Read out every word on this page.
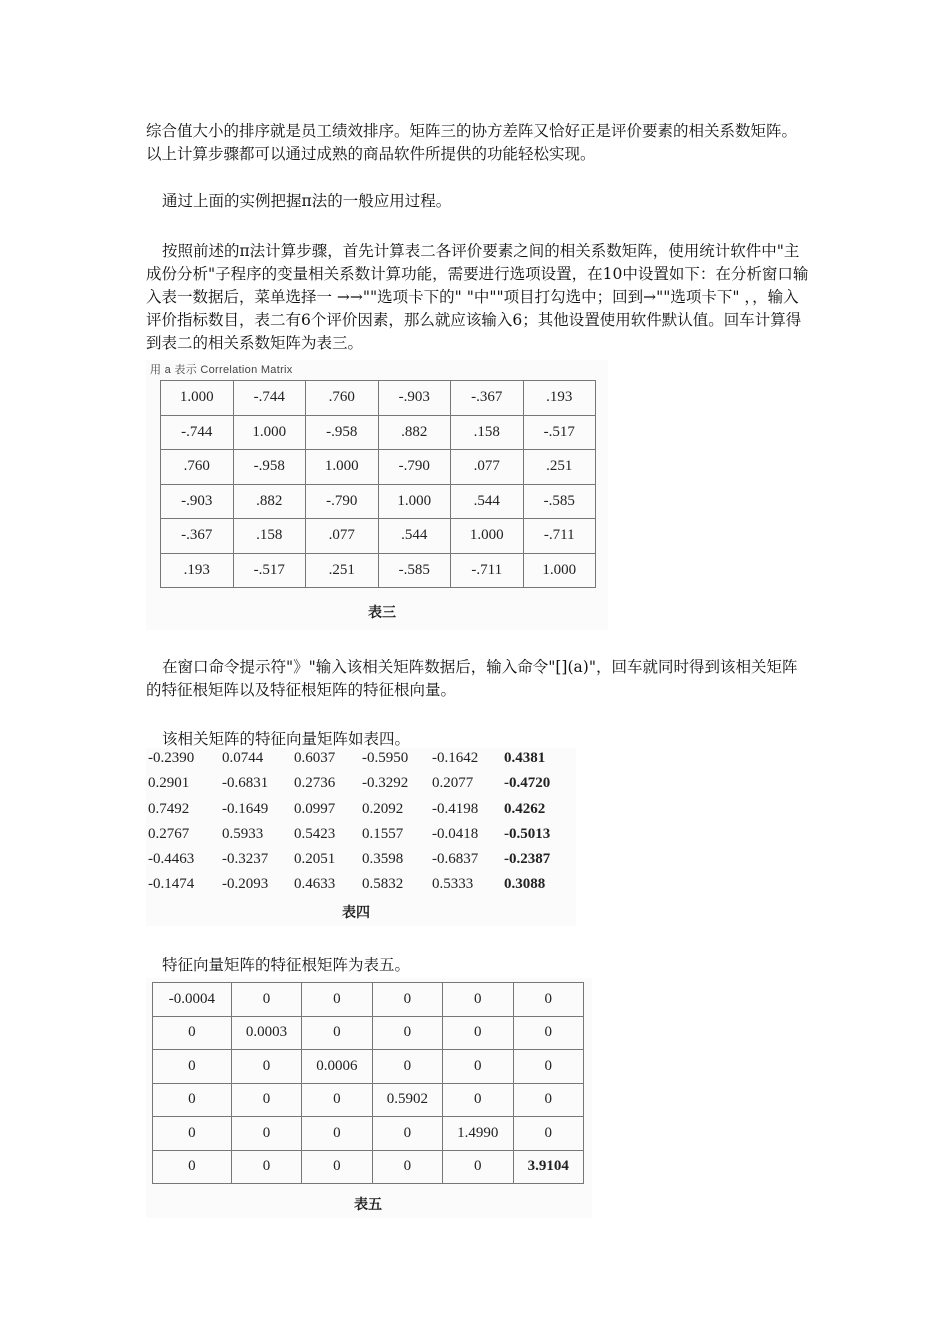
综合值大小的排序就是员工绩效排序。矩阵三的协方差阵又恰好正是评价要素的相关系数矩阵。以上计算步骤都可以通过成熟的商品软件所提供的功能轻松实现。

通过上面的实例把握π法的一般应用过程。

按照前述的π法计算步骤，首先计算表二各评价要素之间的相关系数矩阵，使用统计软件中"主成份分析"子程序的变量相关系数计算功能，需要进行选项设置，在10中设置如下：在分析窗口输入表一数据后，菜单选择一 →→""选项卡下的" "中""项目打勾选中；回到→""选项卡下" ，，输入评价指标数目，表二有6个评价因素，那么就应该输入6；其他设置使用软件默认值。回车计算得到表二的相关系数矩阵为表三。

用 a 表示 Correlation Matrix
1.000	-.744	.760	-.903	-.367	.193
-.744	1.000	-.958	.882	.158	-.517
.760	-.958	1.000	-.790	.077	.251
-.903	.882	-.790	1.000	.544	-.585
-.367	.158	.077	.544	1.000	-.711
.193	-.517	.251	-.585	-.711	1.000
表三

在窗口命令提示符"》"输入该相关矩阵数据后，输入命令"[](a)"，回车就同时得到该相关矩阵的特征根矩阵以及特征根矩阵的特征根向量。

该相关矩阵的特征向量矩阵如表四。

-0.2390 0.0744 0.6037 -0.5950 -0.1642 0.4381
0.2901 -0.6831 0.2736 -0.3292 0.2077 -0.4720
0.7492 -0.1649 0.0997 0.2092 -0.4198 0.4262
0.2767 0.5933 0.5423 0.1557 -0.0418 -0.5013
-0.4463 -0.3237 0.2051 0.3598 -0.6837 -0.2387
-0.1474 -0.2093 0.4633 0.5832 0.5333 0.3088
表四

特征向量矩阵的特征根矩阵为表五。

-0.0004	0	0	0	0	0
0	0.0003	0	0	0	0
0	0	0.0006	0	0	0
0	0	0	0.5902	0	0
0	0	0	0	1.4990	0
0	0	0	0	0	3.9104
表五
